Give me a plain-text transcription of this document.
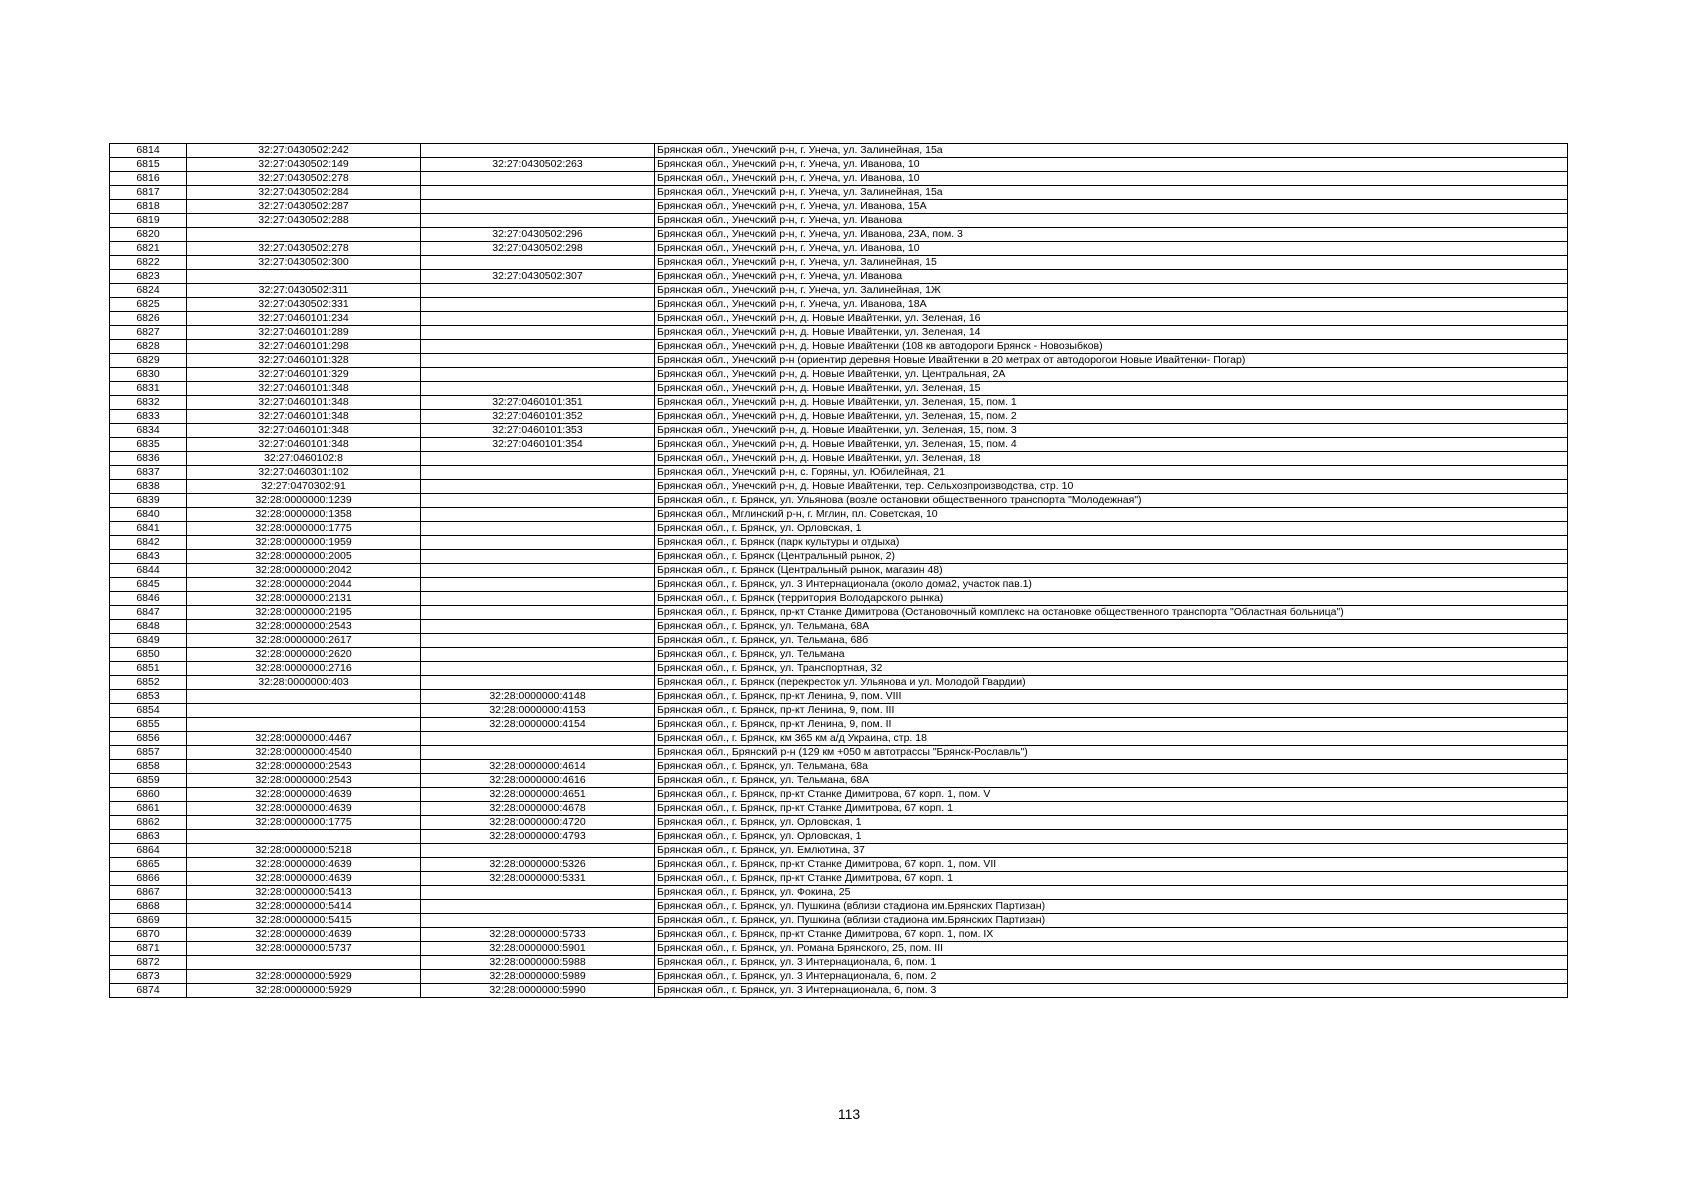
6814	32:27:0430502:242		Брянская обл., Унечский р-н, г. Унеча, ул. Залинейная, 15а
6815	32:27:0430502:149	32:27:0430502:263	Брянская обл., Унечский р-н, г. Унеча, ул. Иванова, 10
6816	32:27:0430502:278		Брянская обл., Унечский р-н, г. Унеча, ул. Иванова, 10
6817	32:27:0430502:284		Брянская обл., Унечский р-н, г. Унеча, ул. Залинейная, 15а
6818	32:27:0430502:287		Брянская обл., Унечский р-н, г. Унеча, ул. Иванова, 15А
6819	32:27:0430502:288		Брянская обл., Унечский р-н, г. Унеча, ул. Иванова
6820		32:27:0430502:296	Брянская обл., Унечский р-н, г. Унеча, ул. Иванова, 23А, пом. 3
6821	32:27:0430502:278	32:27:0430502:298	Брянская обл., Унечский р-н, г. Унеча, ул. Иванова, 10
6822	32:27:0430502:300		Брянская обл., Унечский р-н, г. Унеча, ул. Залинейная, 15
6823		32:27:0430502:307	Брянская обл., Унечский р-н, г. Унеча, ул. Иванова
6824	32:27:0430502:311		Брянская обл., Унечский р-н, г. Унеча, ул. Залинейная, 1Ж
6825	32:27:0430502:331		Брянская обл., Унечский р-н, г. Унеча, ул. Иванова, 18А
6826	32:27:0460101:234		Брянская обл., Унечский р-н, д. Новые Ивайтенки, ул. Зеленая, 16
6827	32:27:0460101:289		Брянская обл., Унечский р-н, д. Новые Ивайтенки, ул. Зеленая, 14
6828	32:27:0460101:298		Брянская обл., Унечский р-н, д. Новые Ивайтенки (108 кв автодороги Брянск - Новозыбков)
6829	32:27:0460101:328		Брянская обл., Унечский р-н (ориентир деревня Новые Ивайтенки в 20 метрах от автодорогои Новые Ивайтенки- Погар)
6830	32:27:0460101:329		Брянская обл., Унечский р-н, д. Новые Ивайтенки, ул. Центральная, 2А
6831	32:27:0460101:348		Брянская обл., Унечский р-н, д. Новые Ивайтенки, ул. Зеленая, 15
6832	32:27:0460101:348	32:27:0460101:351	Брянская обл., Унечский р-н, д. Новые Ивайтенки, ул. Зеленая, 15, пом. 1
6833	32:27:0460101:348	32:27:0460101:352	Брянская обл., Унечский р-н, д. Новые Ивайтенки, ул. Зеленая, 15, пом. 2
6834	32:27:0460101:348	32:27:0460101:353	Брянская обл., Унечский р-н, д. Новые Ивайтенки, ул. Зеленая, 15, пом. 3
6835	32:27:0460101:348	32:27:0460101:354	Брянская обл., Унечский р-н, д. Новые Ивайтенки, ул. Зеленая, 15, пом. 4
6836	32:27:0460102:8		Брянская обл., Унечский р-н, д. Новые Ивайтенки, ул. Зеленая, 18
6837	32:27:0460301:102		Брянская обл., Унечский р-н, с. Горяны, ул. Юбилейная, 21
6838	32:27:0470302:91		Брянская обл., Унечский р-н, д. Новые Ивайтенки, тер. Сельхозпроизводства, стр. 10
6839	32:28:0000000:1239		Брянская обл., г. Брянск, ул. Ульянова (возле остановки общественного транспорта "Молодежная")
6840	32:28:0000000:1358		Брянская обл., Мглинский р-н, г. Мглин, пл. Советская, 10
6841	32:28:0000000:1775		Брянская обл., г. Брянск, ул. Орловская, 1
6842	32:28:0000000:1959		Брянская обл., г. Брянск (парк культуры и отдыха)
6843	32:28:0000000:2005		Брянская обл., г. Брянск (Центральный рынок, 2)
6844	32:28:0000000:2042		Брянская обл., г. Брянск (Центральный рынок, магазин 48)
6845	32:28:0000000:2044		Брянская обл., г. Брянск, ул. 3 Интернационала (около дома2, участок пав.1)
6846	32:28:0000000:2131		Брянская обл., г. Брянск (территория Володарского рынка)
6847	32:28:0000000:2195		Брянская обл., г. Брянск, пр-кт Станке Димитрова (Остановочный комплекс на остановке общественного транспорта "Областная больница")
6848	32:28:0000000:2543		Брянская обл., г. Брянск, ул. Тельмана, 68А
6849	32:28:0000000:2617		Брянская обл., г. Брянск, ул. Тельмана, 68б
6850	32:28:0000000:2620		Брянская обл., г. Брянск, ул. Тельмана
6851	32:28:0000000:2716		Брянская обл., г. Брянск, ул. Транспортная, 32
6852	32:28:0000000:403		Брянская обл., г. Брянск (перекресток ул. Ульянова и ул. Молодой Гвардии)
6853		32:28:0000000:4148	Брянская обл., г. Брянск, пр-кт Ленина, 9, пом. VIII
6854		32:28:0000000:4153	Брянская обл., г. Брянск, пр-кт Ленина, 9, пом. III
6855		32:28:0000000:4154	Брянская обл., г. Брянск, пр-кт Ленина, 9, пом. II
6856	32:28:0000000:4467		Брянская обл., г. Брянск, км 365 км а/д Украина, стр. 18
6857	32:28:0000000:4540		Брянская обл., Брянский р-н (129 км +050 м автотрассы "Брянск-Рославль")
6858	32:28:0000000:2543	32:28:0000000:4614	Брянская обл., г. Брянск, ул. Тельмана, 68а
6859	32:28:0000000:2543	32:28:0000000:4616	Брянская обл., г. Брянск, ул. Тельмана, 68А
6860	32:28:0000000:4639	32:28:0000000:4651	Брянская обл., г. Брянск, пр-кт Станке Димитрова, 67 корп. 1, пом. V
6861	32:28:0000000:4639	32:28:0000000:4678	Брянская обл., г. Брянск, пр-кт Станке Димитрова, 67 корп. 1
6862	32:28:0000000:1775	32:28:0000000:4720	Брянская обл., г. Брянск, ул. Орловская, 1
6863		32:28:0000000:4793	Брянская обл., г. Брянск, ул. Орловская, 1
6864	32:28:0000000:5218		Брянская обл., г. Брянск, ул. Емлютина, 37
6865	32:28:0000000:4639	32:28:0000000:5326	Брянская обл., г. Брянск, пр-кт Станке Димитрова, 67 корп. 1, пом. VII
6866	32:28:0000000:4639	32:28:0000000:5331	Брянская обл., г. Брянск, пр-кт Станке Димитрова, 67 корп. 1
6867	32:28:0000000:5413		Брянская обл., г. Брянск, ул. Фокина, 25
6868	32:28:0000000:5414		Брянская обл., г. Брянск, ул. Пушкина (вблизи стадиона им.Брянских Партизан)
6869	32:28:0000000:5415		Брянская обл., г. Брянск, ул. Пушкина (вблизи стадиона им.Брянских Партизан)
6870	32:28:0000000:4639	32:28:0000000:5733	Брянская обл., г. Брянск, пр-кт Станке Димитрова, 67 корп. 1, пом. IX
6871	32:28:0000000:5737	32:28:0000000:5901	Брянская обл., г. Брянск, ул. Романа Брянского, 25, пом. III
6872		32:28:0000000:5988	Брянская обл., г. Брянск, ул. 3 Интернационала, 6, пом. 1
6873	32:28:0000000:5929	32:28:0000000:5989	Брянская обл., г. Брянск, ул. 3 Интернационала, 6, пом. 2
6874	32:28:0000000:5929	32:28:0000000:5990	Брянская обл., г. Брянск, ул. 3 Интернационала, 6, пом. 3
113
